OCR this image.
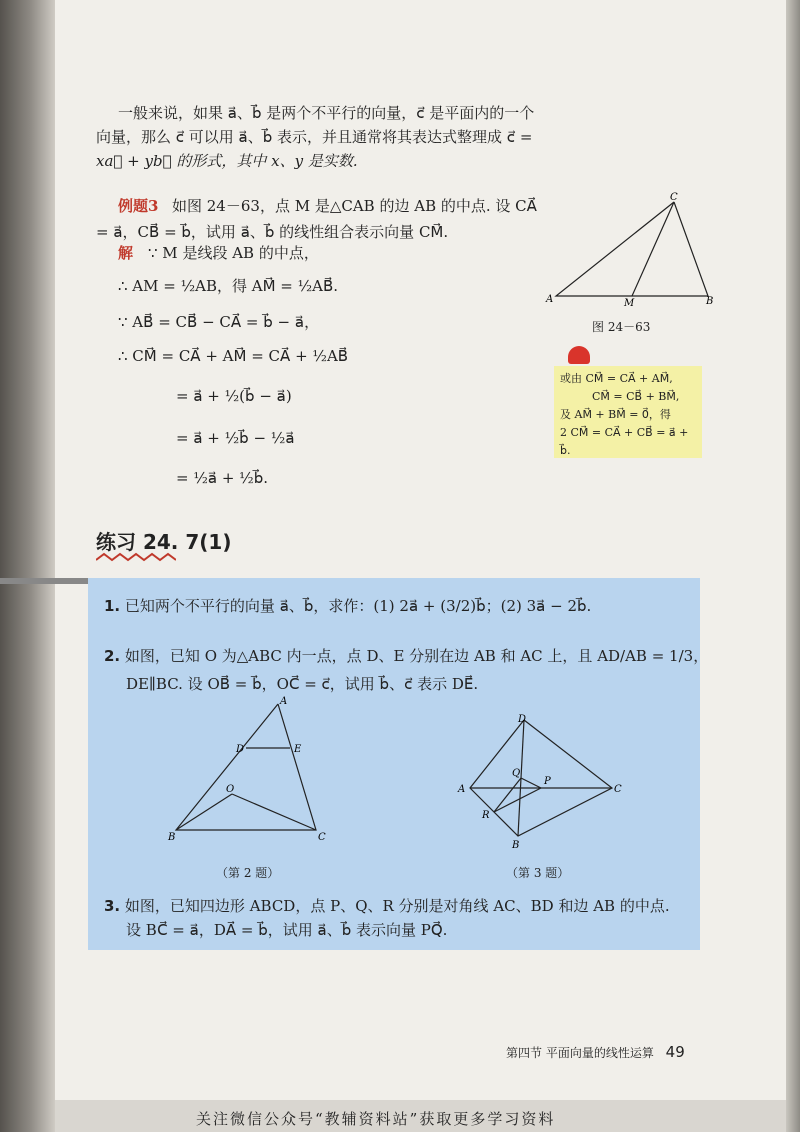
一般来说，如果 a⃗、b⃗ 是两个不平行的向量，c⃗ 是平面内的一个
向量，那么 c⃗ 可以用 a⃗、b⃗ 表示，并且通常将其表达式整理成 c⃗ =
xa⃗ + yb⃗ 的形式，其中 x、y 是实数.
例题3 如图 24－63，点 M 是△CAB 的边 AB 的中点. 设 CA⃗
= a⃗，CB⃗ = b⃗，试用 a⃗、b⃗ 的线性组合表示向量 CM⃗.
解 ∵ M 是线段 AB 的中点，
∴ AM = ½AB，得 AM⃗ = ½AB⃗.
∵ AB⃗ = CB⃗ − CA⃗ = b⃗ − a⃗，
∴ CM⃗ = CA⃗ + AM⃗ = CA⃗ + ½AB⃗
= a⃗ + ½(b⃗ − a⃗)
= a⃗ + ½b⃗ − ½a⃗
= ½a⃗ + ½b⃗.
C
A	M	B
图 24－63
或由 CM⃗ = CA⃗ + AM⃗,
CM⃗ = CB⃗ + BM⃗,
及 AM⃗ + BM⃗ = 0⃗，得
2 CM⃗ = CA⃗ + CB⃗ = a⃗ + b⃗.
练习 24. 7(1)
1. 已知两个不平行的向量 a⃗、b⃗，求作：(1) 2a⃗ + (3/2)b⃗；(2) 3a⃗ − 2b⃗.
2. 如图，已知 O 为△ABC 内一点，点 D、E 分别在边 AB 和 AC 上，且 AD/AB = 1/3，
DE∥BC. 设 OB⃗ = b⃗，OC⃗ = c⃗，试用 b⃗、c⃗ 表示 DE⃗.
A
D	E
O
B	C
（第 2 题）
D
Q
P
A	C
R
B
（第 3 题）
3. 如图，已知四边形 ABCD，点 P、Q、R 分别是对角线 AC、BD 和边 AB 的中点.
设 BC⃗ = a⃗，DA⃗ = b⃗，试用 a⃗、b⃗ 表示向量 PQ⃗.
第四节 平面向量的线性运算 49
关注微信公众号“教辅资料站”获取更多学习资料
